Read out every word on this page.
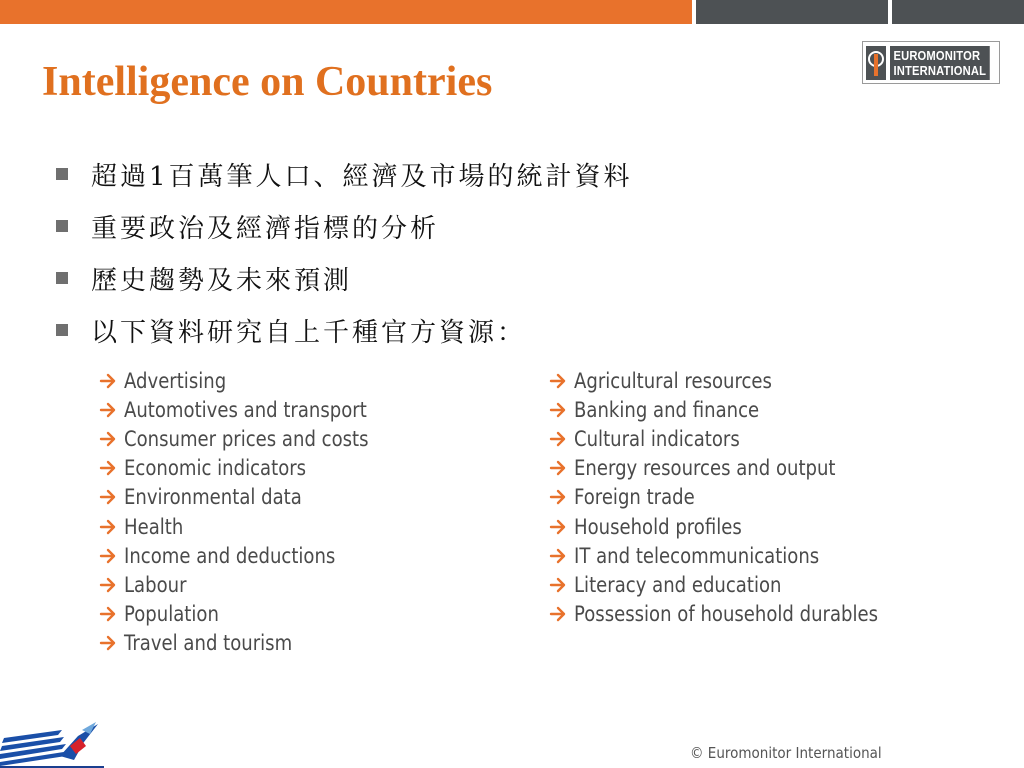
EUROMONITOR
INTERNATIONAL
Intelligence on Countries
超過1百萬筆人口、經濟及市場的統計資料
重要政治及經濟指標的分析
歷史趨勢及未來預測
以下資料研究自上千種官方資源：
Advertising
Automotives and transport
Consumer prices and costs
Economic indicators
Environmental data
Health
Income and deductions
Labour
Population
Travel and tourism
Agricultural resources
Banking and finance
Cultural indicators
Energy resources and output
Foreign trade
Household profiles
IT and telecommunications
Literacy and education
Possession of household durables
© Euromonitor International
